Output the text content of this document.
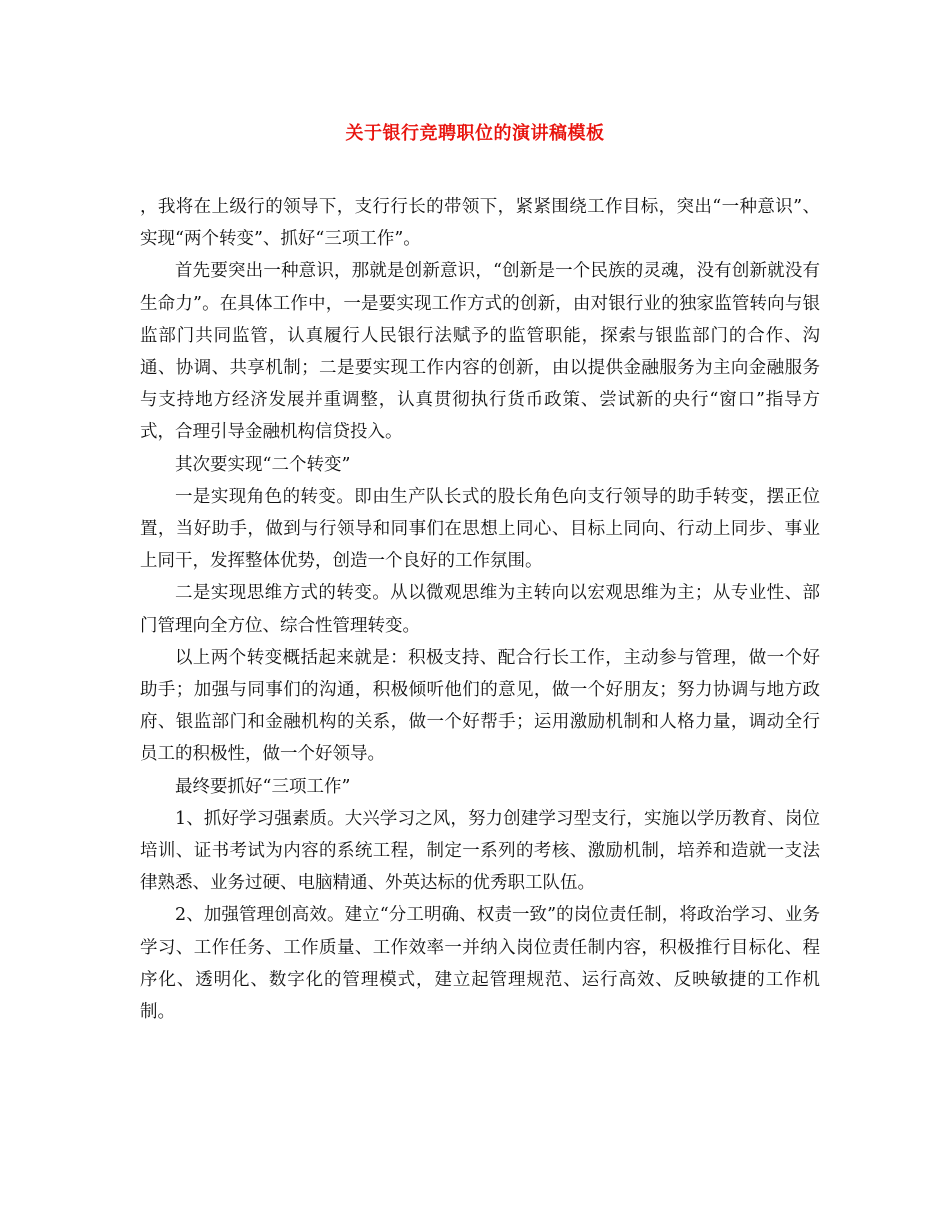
关于银行竞聘职位的演讲稿模板

，我将在上级行的领导下，支行行长的带领下，紧紧围绕工作目标，突出“一种意识”、实现“两个转变”、抓好“三项工作”。

首先要突出一种意识，那就是创新意识，“创新是一个民族的灵魂，没有创新就没有生命力”。在具体工作中，一是要实现工作方式的创新，由对银行业的独家监管转向与银监部门共同监管，认真履行人民银行法赋予的监管职能，探索与银监部门的合作、沟通、协调、共享机制；二是要实现工作内容的创新，由以提供金融服务为主向金融服务与支持地方经济发展并重调整，认真贯彻执行货币政策、尝试新的央行“窗口”指导方式，合理引导金融机构信贷投入。

其次要实现“二个转变”

一是实现角色的转变。即由生产队长式的股长角色向支行领导的助手转变，摆正位置，当好助手，做到与行领导和同事们在思想上同心、目标上同向、行动上同步、事业上同干，发挥整体优势，创造一个良好的工作氛围。

二是实现思维方式的转变。从以微观思维为主转向以宏观思维为主；从专业性、部门管理向全方位、综合性管理转变。

以上两个转变概括起来就是：积极支持、配合行长工作，主动参与管理，做一个好助手；加强与同事们的沟通，积极倾听他们的意见，做一个好朋友；努力协调与地方政府、银监部门和金融机构的关系，做一个好帮手；运用激励机制和人格力量，调动全行员工的积极性，做一个好领导。

最终要抓好“三项工作”

1、抓好学习强素质。大兴学习之风，努力创建学习型支行，实施以学历教育、岗位培训、证书考试为内容的系统工程，制定一系列的考核、激励机制，培养和造就一支法律熟悉、业务过硬、电脑精通、外英达标的优秀职工队伍。

2、加强管理创高效。建立“分工明确、权责一致”的岗位责任制，将政治学习、业务学习、工作任务、工作质量、工作效率一并纳入岗位责任制内容，积极推行目标化、程序化、透明化、数字化的管理模式，建立起管理规范、运行高效、反映敏捷的工作机制。
